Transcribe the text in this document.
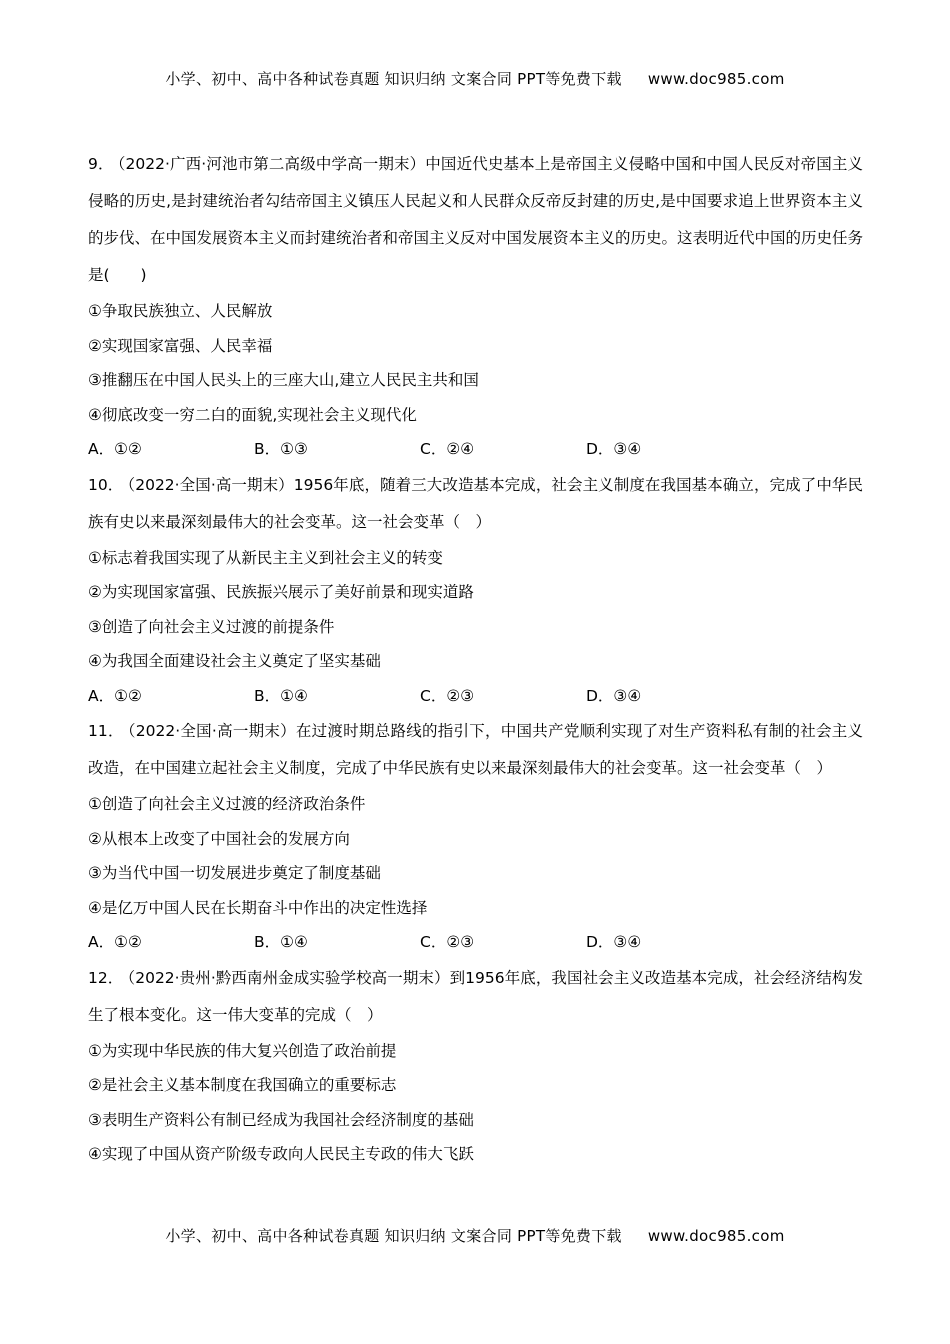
小学、初中、高中各种试卷真题 知识归纳 文案合同 PPT等免费下载 www.doc985.com

9． （2022·广西·河池市第二高级中学高一期末）中国近代史基本上是帝国主义侵略中国和中国人民反对帝国主义侵略的历史,是封建统治者勾结帝国主义镇压人民起义和人民群众反帝反封建的历史,是中国要求追上世界资本主义的步伐、在中国发展资本主义而封建统治者和帝国主义反对中国发展资本主义的历史。这表明近代中国的历史任务是(　　)

①争取民族独立、人民解放

②实现国家富强、人民幸福

③推翻压在中国人民头上的三座大山,建立人民民主共和国

④彻底改变一穷二白的面貌,实现社会主义现代化

A．①②	B．①③	C．②④	D．③④

10． （2022·全国·高一期末）1956年底，随着三大改造基本完成，社会主义制度在我国基本确立，完成了中华民族有史以来最深刻最伟大的社会变革。这一社会变革（　）

①标志着我国实现了从新民主主义到社会主义的转变

②为实现国家富强、民族振兴展示了美好前景和现实道路

③创造了向社会主义过渡的前提条件

④为我国全面建设社会主义奠定了坚实基础

A．①②	B．①④	C．②③	D．③④

11． （2022·全国·高一期末）在过渡时期总路线的指引下，中国共产党顺利实现了对生产资料私有制的社会主义改造，在中国建立起社会主义制度，完成了中华民族有史以来最深刻最伟大的社会变革。这一社会变革（　）

①创造了向社会主义过渡的经济政治条件

②从根本上改变了中国社会的发展方向

③为当代中国一切发展进步奠定了制度基础

④是亿万中国人民在长期奋斗中作出的决定性选择

A．①②	B．①④	C．②③	D．③④

12． （2022·贵州·黔西南州金成实验学校高一期末）到1956年底，我国社会主义改造基本完成，社会经济结构发生了根本变化。这一伟大变革的完成（　）

①为实现中华民族的伟大复兴创造了政治前提

②是社会主义基本制度在我国确立的重要标志

③表明生产资料公有制已经成为我国社会经济制度的基础

④实现了中国从资产阶级专政向人民民主专政的伟大飞跃

小学、初中、高中各种试卷真题 知识归纳 文案合同 PPT等免费下载 www.doc985.com
